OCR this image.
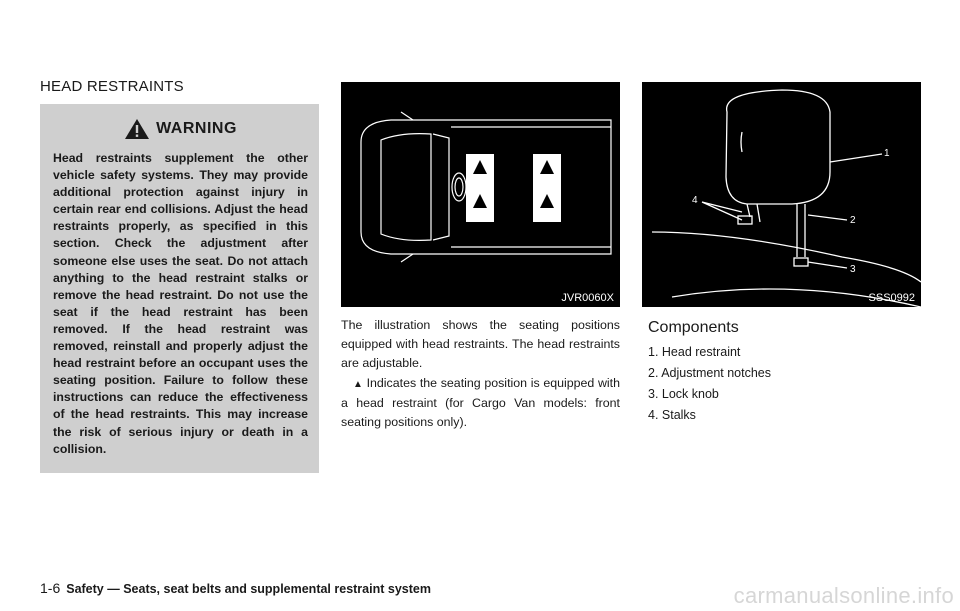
HEAD RESTRAINTS
WARNING

Head restraints supplement the other vehicle safety systems. They may provide additional protection against injury in certain rear end collisions. Adjust the head restraints properly, as specified in this section. Check the adjustment after someone else uses the seat. Do not attach anything to the head restraint stalks or remove the head restraint. Do not use the seat if the head restraint has been removed. If the head restraint was removed, reinstall and properly adjust the head restraint before an occupant uses the seating position. Failure to follow these instructions can reduce the effectiveness of the head restraints. This may increase the risk of serious injury or death in a collision.

JVR0060X
1
2
3
4
SSS0992

The illustration shows the seating positions equipped with head restraints. The head restraints are adjustable.

▲ Indicates the seating position is equipped with a head restraint (for Cargo Van models: front seating positions only).

Components
1. Head restraint
2. Adjustment notches
3. Lock knob
4. Stalks
1-6 Safety — Seats, seat belts and supplemental restraint system	carmanualsonline.info
